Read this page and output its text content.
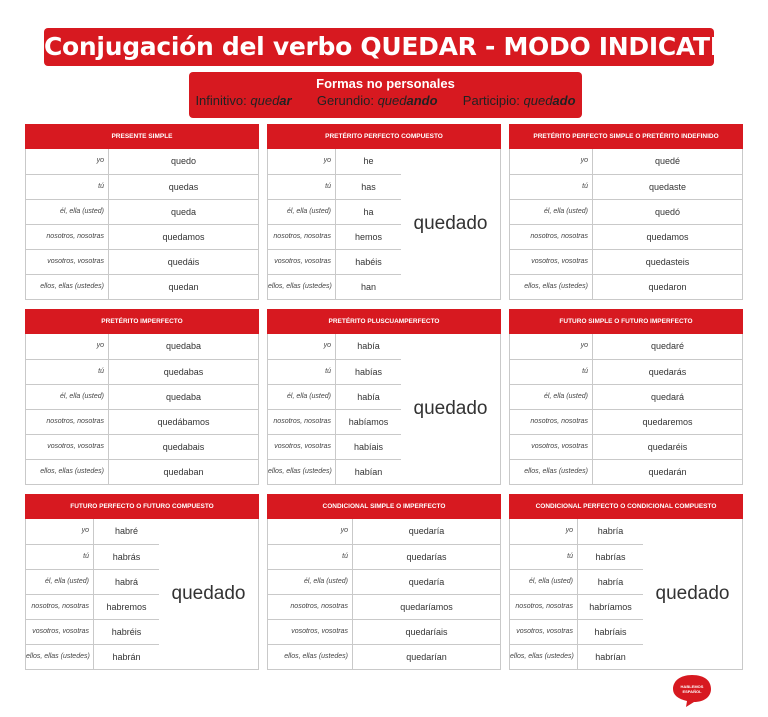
Conjugación del verbo QUEDAR - MODO INDICATIVO
Formas no personales
Infinitivo: quedar Gerundio: quedando Participio: quedado
PRESENTE SIMPLE
yo	quedo
tú	quedas
él, ella (usted)	queda
nosotros, nosotras	quedamos
vosotros, vosotras	quedáis
ellos, ellas (ustedes)	quedan
PRETÉRITO PERFECTO COMPUESTO
yo	he
tú	has
él, ella (usted)	ha
nosotros, nosotras	hemos
vosotros, vosotras	habéis
ellos, ellas (ustedes)	han
quedado
PRETÉRITO PERFECTO SIMPLE O PRETÉRITO INDEFINIDO
yo	quedé
tú	quedaste
él, ella (usted)	quedó
nosotros, nosotras	quedamos
vosotros, vosotras	quedasteis
ellos, ellas (ustedes)	quedaron
PRETÉRITO IMPERFECTO
yo	quedaba
tú	quedabas
él, ella (usted)	quedaba
nosotros, nosotras	quedábamos
vosotros, vosotras	quedabais
ellos, ellas (ustedes)	quedaban
PRETÉRITO PLUSCUAMPERFECTO
yo	había
tú	habías
él, ella (usted)	había
nosotros, nosotras	habíamos
vosotros, vosotras	habíais
ellos, ellas (ustedes)	habían
quedado
FUTURO SIMPLE O FUTURO IMPERFECTO
yo	quedaré
tú	quedarás
él, ella (usted)	quedará
nosotros, nosotras	quedaremos
vosotros, vosotras	quedaréis
ellos, ellas (ustedes)	quedarán
FUTURO PERFECTO O FUTURO COMPUESTO
yo	habré
tú	habrás
él, ella (usted)	habrá
nosotros, nosotras	habremos
vosotros, vosotras	habréis
ellos, ellas (ustedes)	habrán
quedado
CONDICIONAL SIMPLE O IMPERFECTO
yo	quedaría
tú	quedarías
él, ella (usted)	quedaría
nosotros, nosotras	quedaríamos
vosotros, vosotras	quedaríais
ellos, ellas (ustedes)	quedarían
CONDICIONAL PERFECTO O CONDICIONAL COMPUESTO
yo	habría
tú	habrías
él, ella (usted)	habría
nosotros, nosotras	habríamos
vosotros, vosotras	habríais
ellos, ellas (ustedes)	habrían
quedado
HABLEMOS
ESPAÑOL
